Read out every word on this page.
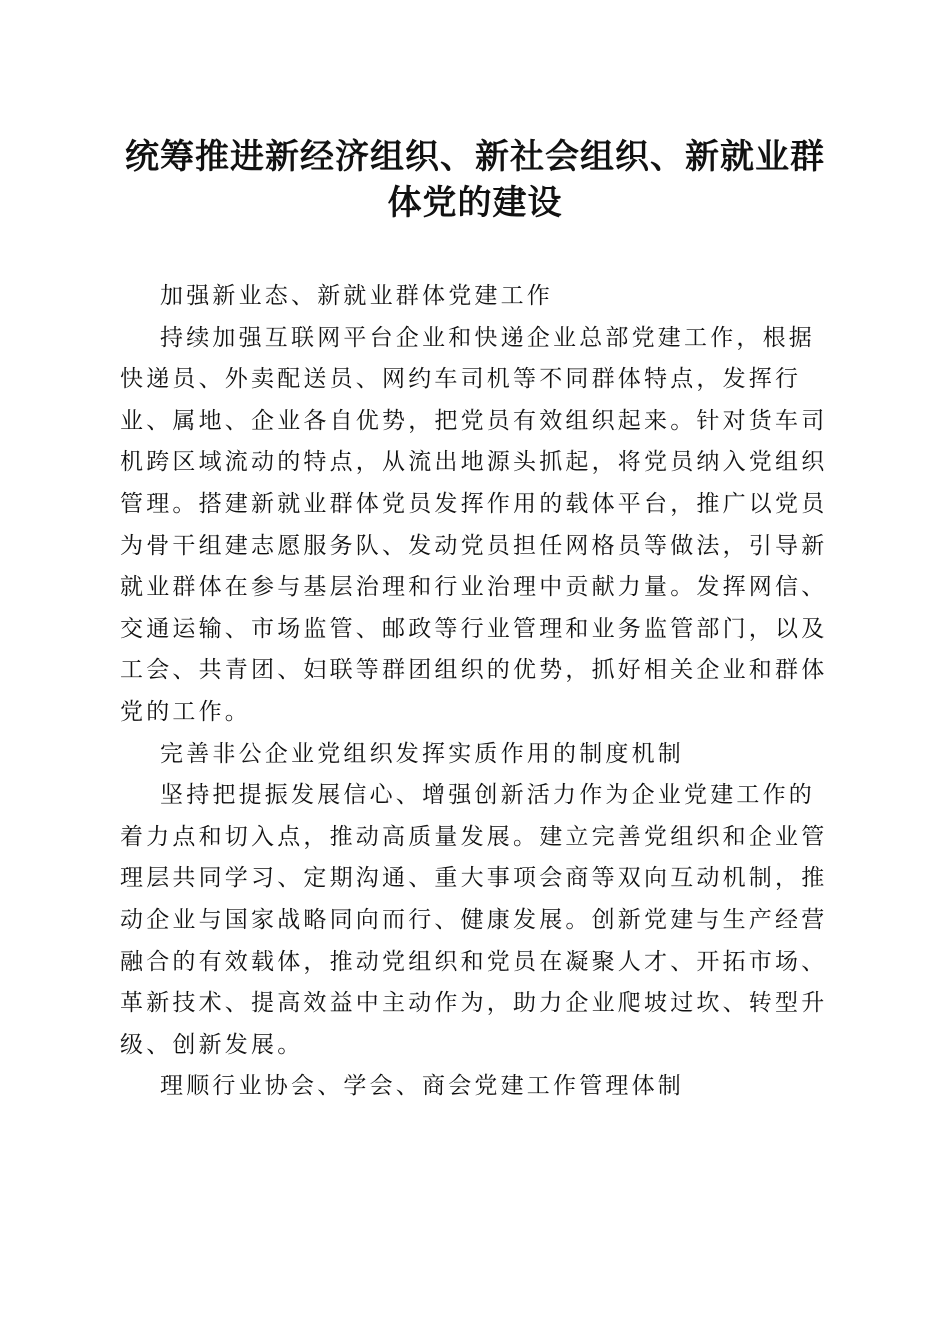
统筹推进新经济组织、新社会组织、新就业群
体党的建设

加强新业态、新就业群体党建工作

持续加强互联网平台企业和快递企业总部党建工作，根据快递员、外卖配送员、网约车司机等不同群体特点，发挥行业、属地、企业各自优势，把党员有效组织起来。针对货车司机跨区域流动的特点，从流出地源头抓起，将党员纳入党组织管理。搭建新就业群体党员发挥作用的载体平台，推广以党员为骨干组建志愿服务队、发动党员担任网格员等做法，引导新就业群体在参与基层治理和行业治理中贡献力量。发挥网信、交通运输、市场监管、邮政等行业管理和业务监管部门，以及工会、共青团、妇联等群团组织的优势，抓好相关企业和群体党的工作。

完善非公企业党组织发挥实质作用的制度机制

坚持把提振发展信心、增强创新活力作为企业党建工作的着力点和切入点，推动高质量发展。建立完善党组织和企业管理层共同学习、定期沟通、重大事项会商等双向互动机制，推动企业与国家战略同向而行、健康发展。创新党建与生产经营融合的有效载体，推动党组织和党员在凝聚人才、开拓市场、革新技术、提高效益中主动作为，助力企业爬坡过坎、转型升级、创新发展。

理顺行业协会、学会、商会党建工作管理体制
